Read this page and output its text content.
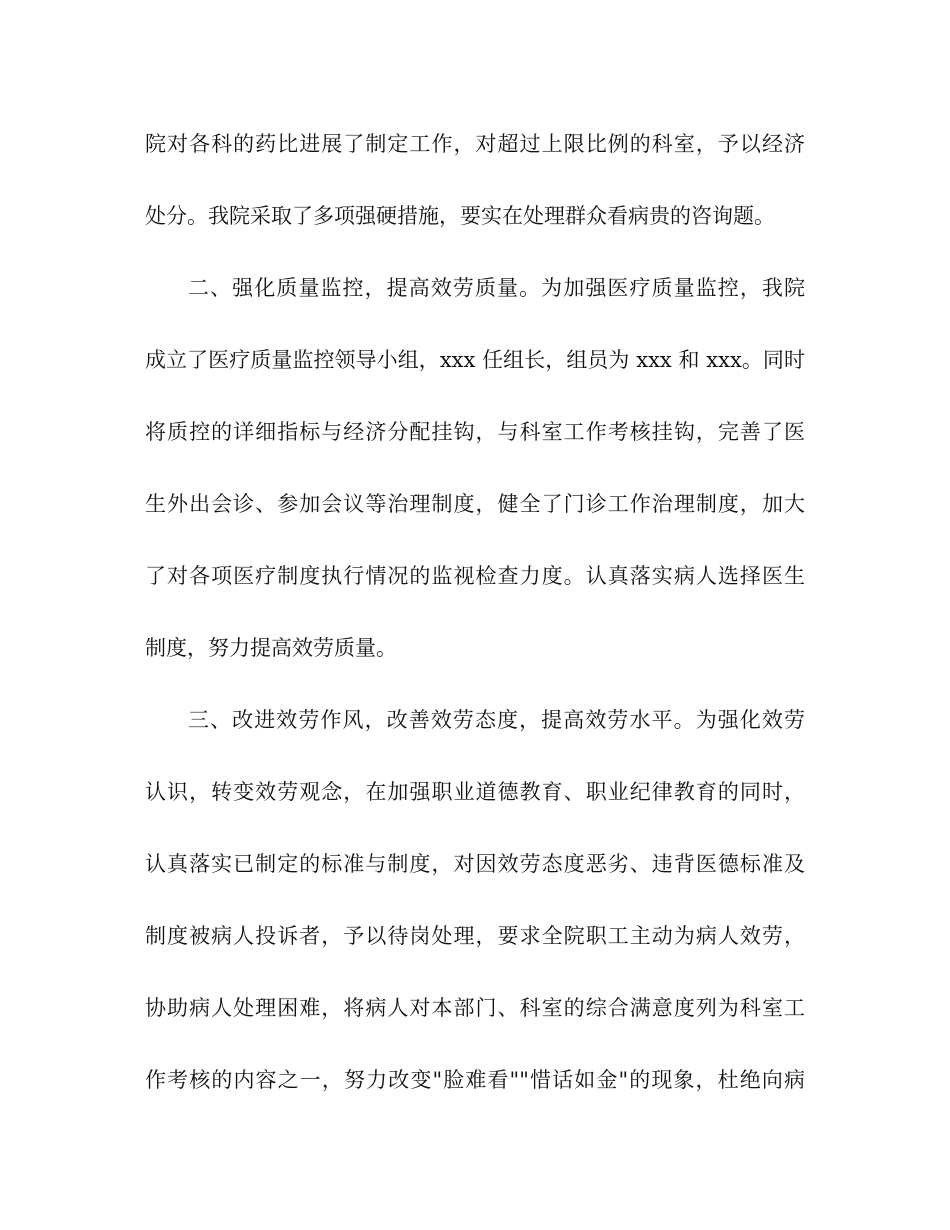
院对各科的药比进展了制定工作，对超过上限比例的科室，予以经济
处分。我院采取了多项强硬措施，要实在处理群众看病贵的咨询题。
二、强化质量监控，提高效劳质量。为加强医疗质量监控，我院
成立了医疗质量监控领导小组，xxx 任组长，组员为 xxx 和 xxx。同时
将质控的详细指标与经济分配挂钩，与科室工作考核挂钩，完善了医
生外出会诊、参加会议等治理制度，健全了门诊工作治理制度，加大
了对各项医疗制度执行情况的监视检查力度。认真落实病人选择医生
制度，努力提高效劳质量。
三、改进效劳作风，改善效劳态度，提高效劳水平。为强化效劳
认识，转变效劳观念，在加强职业道德教育、职业纪律教育的同时，
认真落实已制定的标准与制度，对因效劳态度恶劣、违背医德标准及
制度被病人投诉者，予以待岗处理，要求全院职工主动为病人效劳，
协助病人处理困难，将病人对本部门、科室的综合满意度列为科室工
作考核的内容之一，努力改变"脸难看""惜话如金"的现象，杜绝向病
